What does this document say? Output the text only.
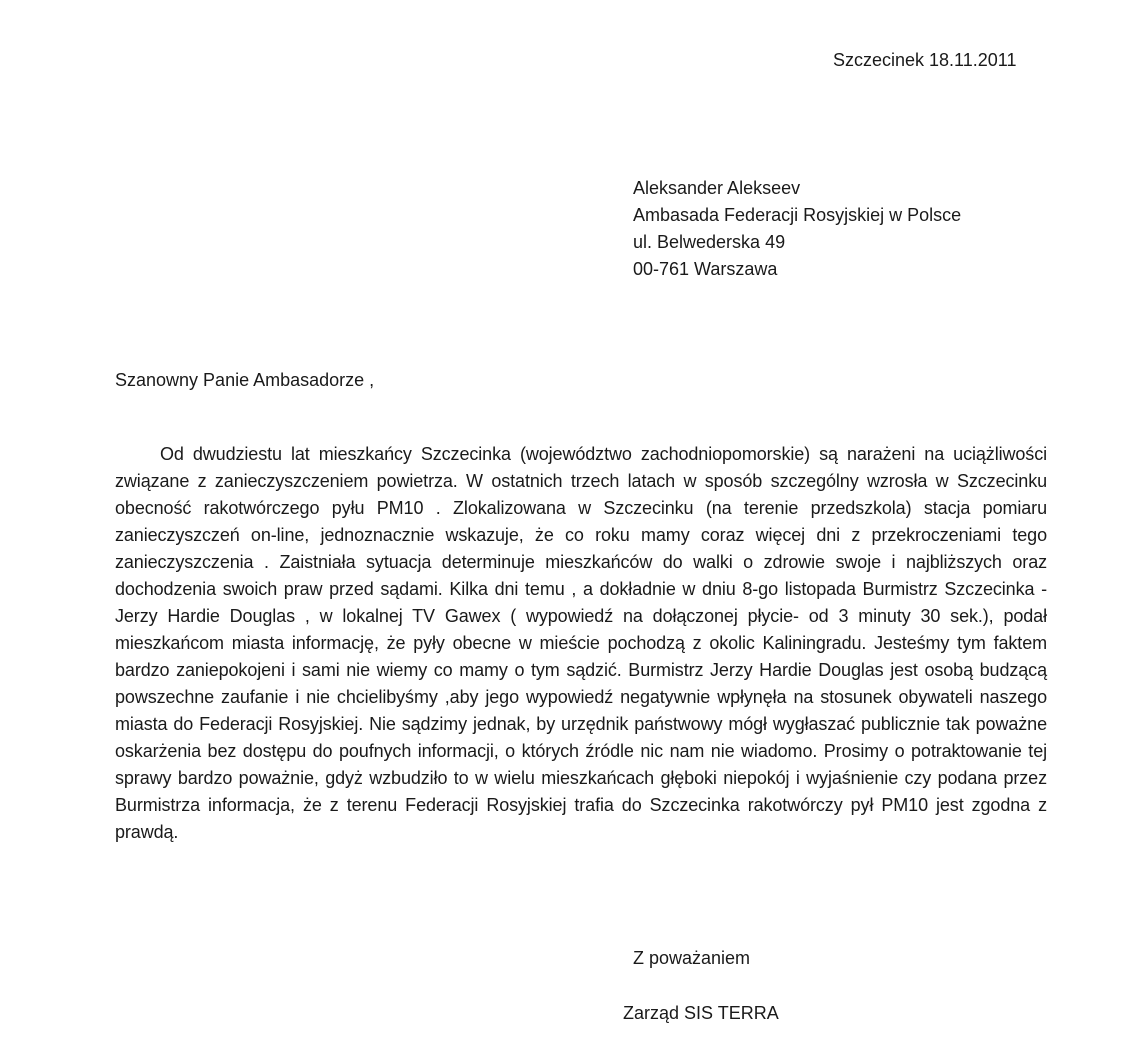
Szczecinek 18.11.2011
Aleksander Alekseev
Ambasada Federacji Rosyjskiej w Polsce
ul. Belwederska 49
00-761 Warszawa
Szanowny Panie Ambasadorze ,

Od dwudziestu lat mieszkańcy Szczecinka (województwo zachodniopomorskie) są narażeni na uciążliwości związane z zanieczyszczeniem powietrza. W ostatnich trzech latach w sposób szczególny wzrosła w Szczecinku obecność rakotwórczego pyłu PM10 . Zlokalizowana w Szczecinku (na terenie przedszkola) stacja pomiaru zanieczyszczeń on-line, jednoznacznie wskazuje, że co roku mamy coraz więcej dni z przekroczeniami tego zanieczyszczenia . Zaistniała sytuacja determinuje mieszkańców do walki o zdrowie swoje i najbliższych oraz dochodzenia swoich praw przed sądami. Kilka dni temu , a dokładnie w dniu 8-go listopada Burmistrz Szczecinka - Jerzy Hardie Douglas , w lokalnej TV Gawex ( wypowiedź na dołączonej płycie- od 3 minuty 30 sek.), podał mieszkańcom miasta informację, że pyły obecne w mieście pochodzą z okolic Kaliningradu. Jesteśmy tym faktem bardzo zaniepokojeni i sami nie wiemy co mamy o tym sądzić. Burmistrz Jerzy Hardie Douglas jest osobą budzącą powszechne zaufanie i nie chcielibyśmy ,aby jego wypowiedź negatywnie wpłynęła na stosunek obywateli naszego miasta do Federacji Rosyjskiej. Nie sądzimy jednak, by urzędnik państwowy mógł wygłaszać publicznie tak poważne oskarżenia bez dostępu do poufnych informacji, o których źródle nic nam nie wiadomo. Prosimy o potraktowanie tej sprawy bardzo poważnie, gdyż wzbudziło to w wielu mieszkańcach głęboki niepokój i wyjaśnienie czy podana przez Burmistrza informacja, że z terenu Federacji Rosyjskiej trafia do Szczecinka rakotwórczy pył PM10 jest zgodna z prawdą.

Z poważaniem
Zarząd SIS TERRA
